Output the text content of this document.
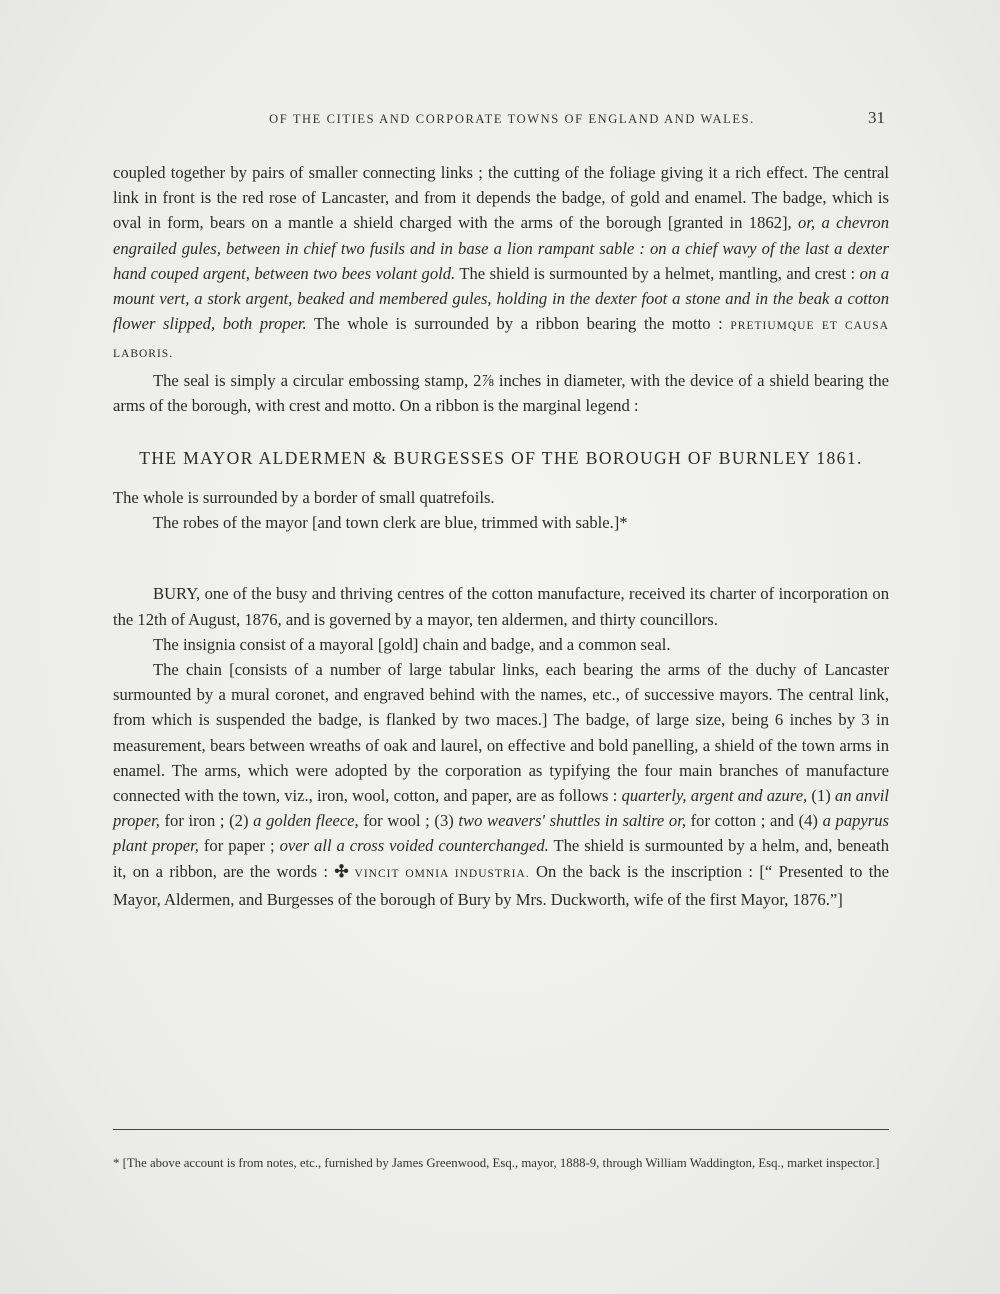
OF THE CITIES AND CORPORATE TOWNS OF ENGLAND AND WALES.	31

coupled together by pairs of smaller connecting links ; the cutting of the foliage giving it a rich effect. The central link in front is the red rose of Lancaster, and from it depends the badge, of gold and enamel. The badge, which is oval in form, bears on a mantle a shield charged with the arms of the borough [granted in 1862], or, a chevron engrailed gules, between in chief two fusils and in base a lion rampant sable : on a chief wavy of the last a dexter hand couped argent, between two bees volant gold. The shield is surmounted by a helmet, mantling, and crest : on a mount vert, a stork argent, beaked and membered gules, holding in the dexter foot a stone and in the beak a cotton flower slipped, both proper. The whole is surrounded by a ribbon bearing the motto : PRETIUMQUE ET CAUSA LABORIS.

The seal is simply a circular embossing stamp, 2⅞ inches in diameter, with the device of a shield bearing the arms of the borough, with crest and motto. On a ribbon is the marginal legend :

THE MAYOR ALDERMEN & BURGESSES OF THE BOROUGH OF BURNLEY 1861.

The whole is surrounded by a border of small quatrefoils.

The robes of the mayor [and town clerk are blue, trimmed with sable.]*

BURY, one of the busy and thriving centres of the cotton manufacture, received its charter of incorporation on the 12th of August, 1876, and is governed by a mayor, ten aldermen, and thirty councillors.

The insignia consist of a mayoral [gold] chain and badge, and a common seal.

The chain [consists of a number of large tabular links, each bearing the arms of the duchy of Lancaster surmounted by a mural coronet, and engraved behind with the names, etc., of successive mayors. The central link, from which is suspended the badge, is flanked by two maces.] The badge, of large size, being 6 inches by 3 in measurement, bears between wreaths of oak and laurel, on effective and bold panelling, a shield of the town arms in enamel. The arms, which were adopted by the corporation as typifying the four main branches of manufacture connected with the town, viz., iron, wool, cotton, and paper, are as follows : quarterly, argent and azure, (1) an anvil proper, for iron ; (2) a golden fleece, for wool ; (3) two weavers' shuttles in saltire or, for cotton ; and (4) a papyrus plant proper, for paper ; over all a cross voided counterchanged. The shield is surmounted by a helm, and, beneath it, on a ribbon, are the words : ✣ VINCIT OMNIA INDUSTRIA. On the back is the inscription : [“ Presented to the Mayor, Aldermen, and Burgesses of the borough of Bury by Mrs. Duckworth, wife of the first Mayor, 1876.”]

* [The above account is from notes, etc., furnished by James Greenwood, Esq., mayor, 1888-9, through William Waddington, Esq., market inspector.]
